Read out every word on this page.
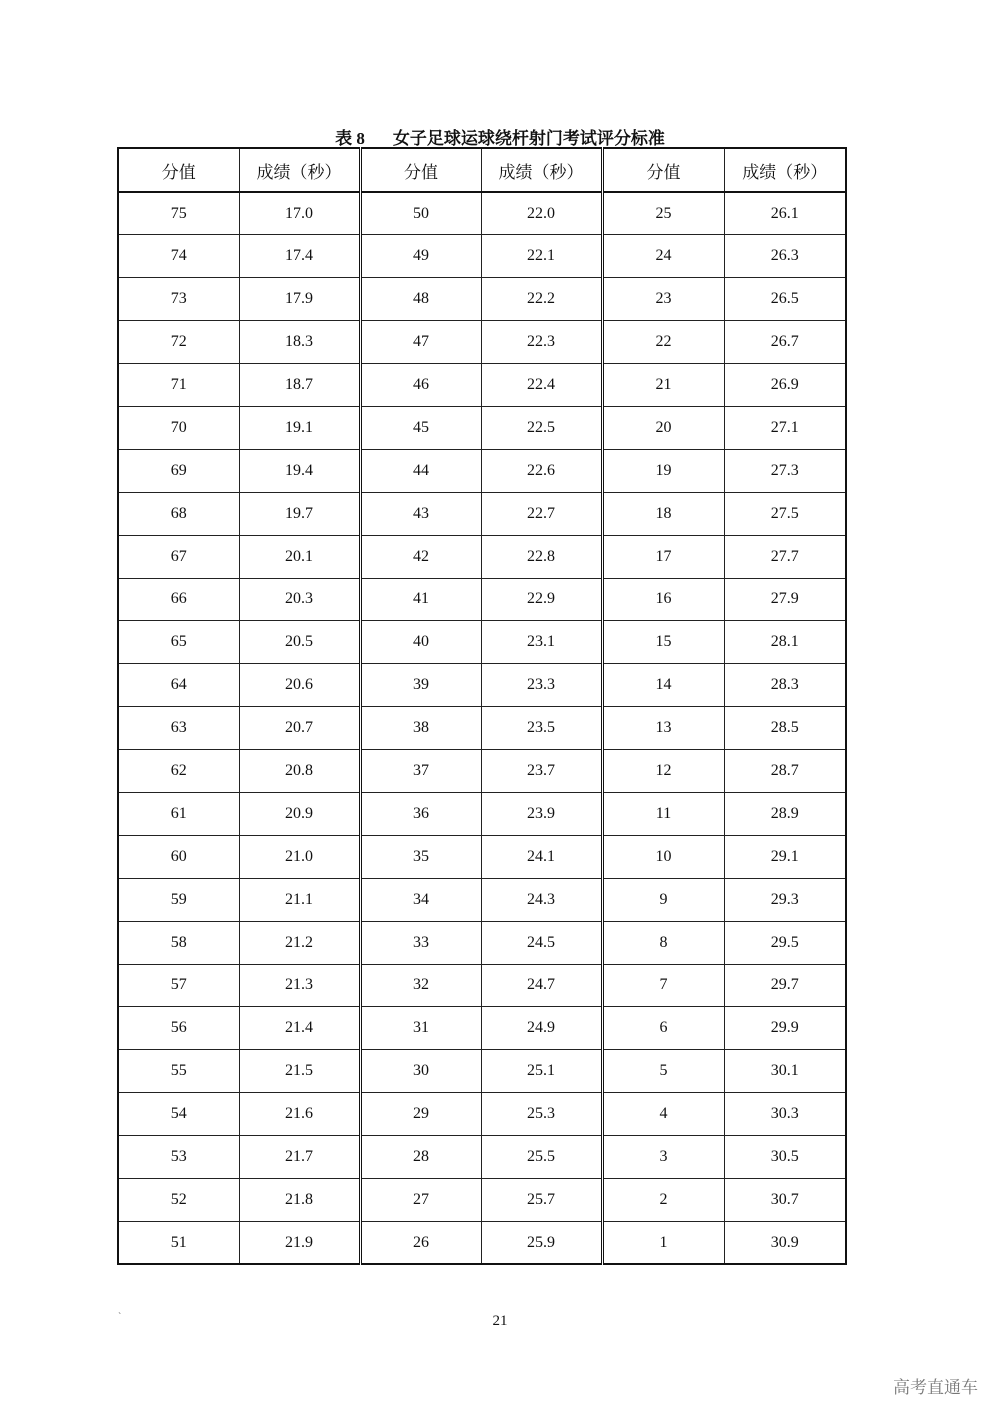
表 8 女子足球运球绕杆射门考试评分标准
分值	成绩（秒）	分值	成绩（秒）	分值	成绩（秒）
75	17.0	50	22.0	25	26.1
74	17.4	49	22.1	24	26.3
73	17.9	48	22.2	23	26.5
72	18.3	47	22.3	22	26.7
71	18.7	46	22.4	21	26.9
70	19.1	45	22.5	20	27.1
69	19.4	44	22.6	19	27.3
68	19.7	43	22.7	18	27.5
67	20.1	42	22.8	17	27.7
66	20.3	41	22.9	16	27.9
65	20.5	40	23.1	15	28.1
64	20.6	39	23.3	14	28.3
63	20.7	38	23.5	13	28.5
62	20.8	37	23.7	12	28.7
61	20.9	36	23.9	11	28.9
60	21.0	35	24.1	10	29.1
59	21.1	34	24.3	9	29.3
58	21.2	33	24.5	8	29.5
57	21.3	32	24.7	7	29.7
56	21.4	31	24.9	6	29.9
55	21.5	30	25.1	5	30.1
54	21.6	29	25.3	4	30.3
53	21.7	28	25.5	3	30.5
52	21.8	27	25.7	2	30.7
51	21.9	26	25.9	1	30.9
`	21
高考直通车
